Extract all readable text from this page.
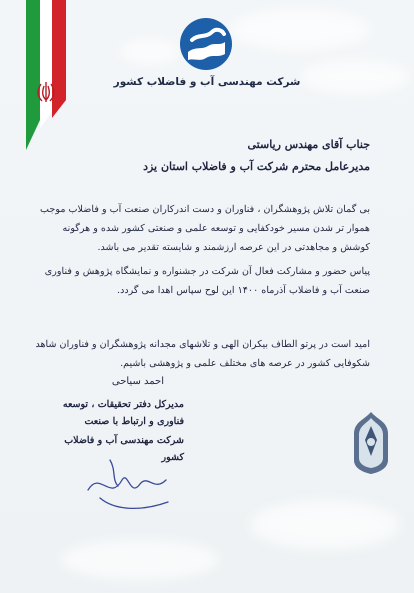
شرکت مهندسی آب و فاضلاب کشور
جناب آقای مهندس ریاستی
مدیرعامل محترم شرکت آب و فاضلاب استان یزد
بی گمان تلاش پژوهشگران ، فناوران و دست اندرکاران صنعت آب و فاضلاب موجب هموار تر شدن مسیر خودکفایی و توسعه علمی و صنعتی کشور شده و هرگونه کوشش و مجاهدتی در این عرصه ارزشمند و شایسته تقدیر می باشد.
پیاس حضور و مشارکت فعال آن شرکت در جشنواره و نمایشگاه پژوهش و فناوری صنعت آب و فاضلاب آذرماه ۱۴۰۰ این لوح سپاس اهدا می گردد.
امید است در پرتو الطاف بیکران الهی و تلاشهای مجدانه پژوهشگران و فناوران شاهد شکوفایی کشور در عرصه های مختلف علمی و پژوهشی باشیم.
احمد سیاحی
مدیرکل دفتر تحقیقات ، توسعه فناوری و ارتباط با صنعت
شرکت مهندسی آب و فاضلاب کشور
